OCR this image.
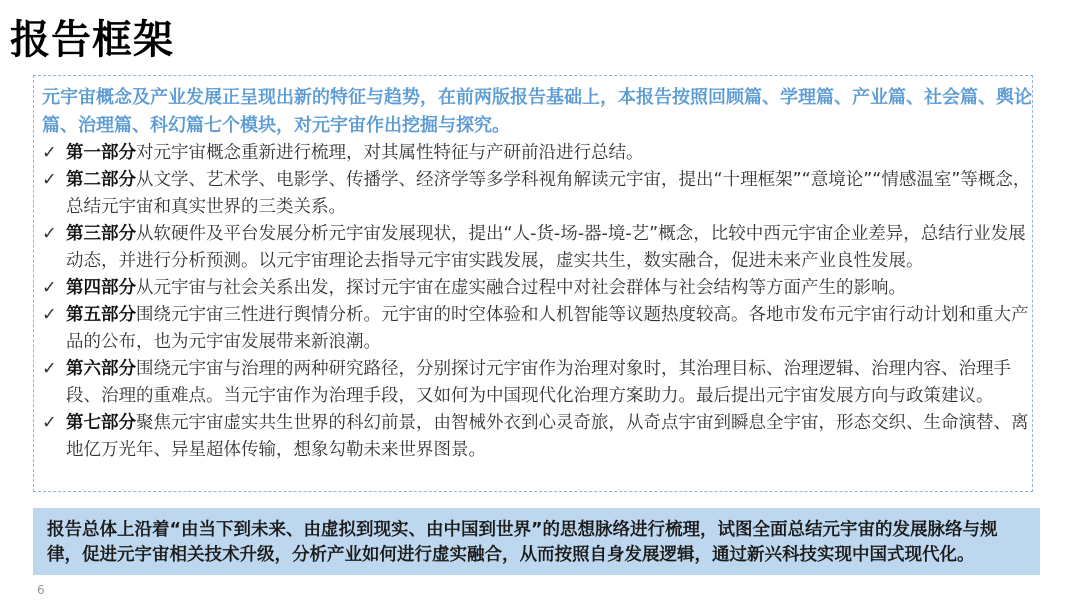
报告框架
元宇宙概念及产业发展正呈现出新的特征与趋势，在前两版报告基础上，本报告按照回顾篇、学理篇、产业篇、社会篇、舆论篇、治理篇、科幻篇七个模块，对元宇宙作出挖掘与探究。
✓ 第一部分对元宇宙概念重新进行梳理，对其属性特征与产研前沿进行总结。
✓ 第二部分从文学、艺术学、电影学、传播学、经济学等多学科视角解读元宇宙，提出“十理框架”“意境论”“情感温室”等概念，总结元宇宙和真实世界的三类关系。
✓ 第三部分从软硬件及平台发展分析元宇宙发展现状，提出“人-货-场-器-境-艺”概念，比较中西元宇宙企业差异，总结行业发展动态，并进行分析预测。以元宇宙理论去指导元宇宙实践发展，虚实共生，数实融合，促进未来产业良性发展。
✓ 第四部分从元宇宙与社会关系出发，探讨元宇宙在虚实融合过程中对社会群体与社会结构等方面产生的影响。
✓ 第五部分围绕元宇宙三性进行舆情分析。元宇宙的时空体验和人机智能等议题热度较高。各地市发布元宇宙行动计划和重大产品的公布，也为元宇宙发展带来新浪潮。
✓ 第六部分围绕元宇宙与治理的两种研究路径，分别探讨元宇宙作为治理对象时，其治理目标、治理逻辑、治理内容、治理手段、治理的重难点。当元宇宙作为治理手段，又如何为中国现代化治理方案助力。最后提出元宇宙发展方向与政策建议。
✓ 第七部分聚焦元宇宙虚实共生世界的科幻前景，由智械外衣到心灵奇旅，从奇点宇宙到瞬息全宇宙，形态交织、生命演替、离地亿万光年、异星超体传输，想象勾勒未来世界图景。
报告总体上沿着“由当下到未来、由虚拟到现实、由中国到世界”的思想脉络进行梳理，试图全面总结元宇宙的发展脉络与规律，促进元宇宙相关技术升级，分析产业如何进行虚实融合，从而按照自身发展逻辑，通过新兴科技实现中国式现代化。
6
